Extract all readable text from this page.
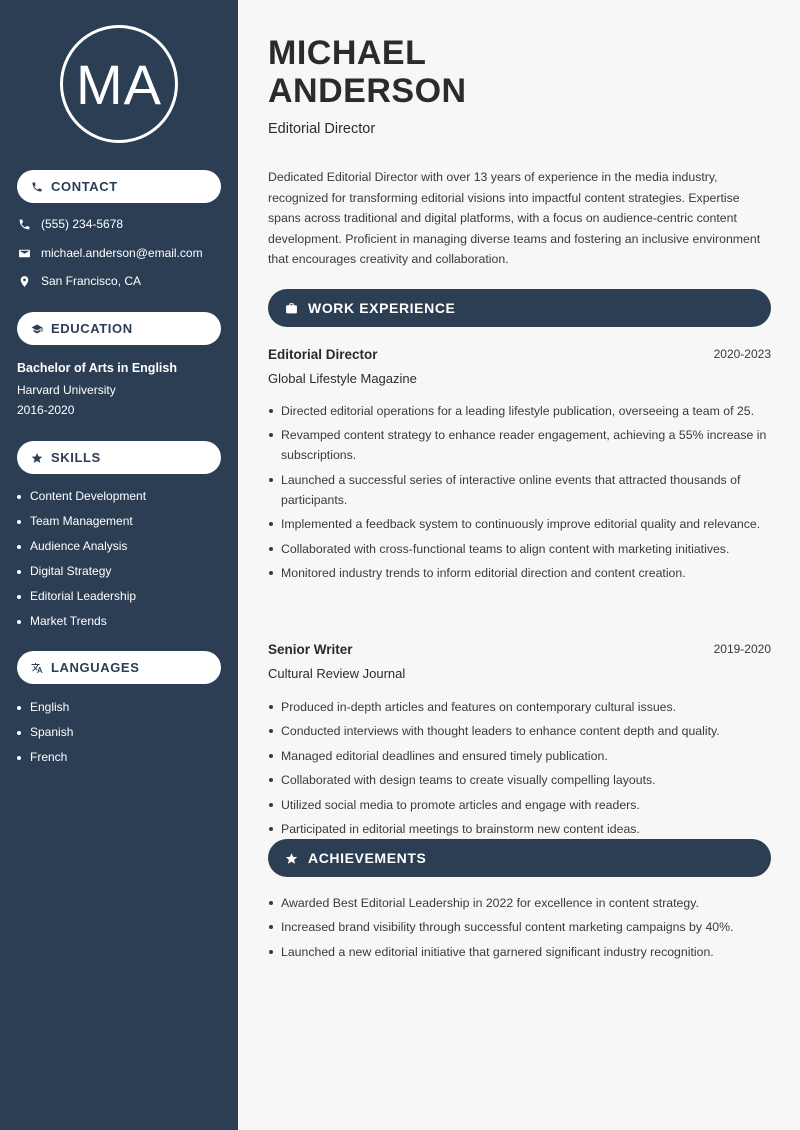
MA
CONTACT
(555) 234-5678
michael.anderson@email.com
San Francisco, CA
EDUCATION
Bachelor of Arts in English
Harvard University
2016-2020
SKILLS
Content Development
Team Management
Audience Analysis
Digital Strategy
Editorial Leadership
Market Trends
LANGUAGES
English
Spanish
French
MICHAEL
ANDERSON
Editorial Director

Dedicated Editorial Director with over 13 years of experience in the media industry, recognized for transforming editorial visions into impactful content strategies. Expertise spans across traditional and digital platforms, with a focus on audience-centric content development. Proficient in managing diverse teams and fostering an inclusive environment that encourages creativity and collaboration.

WORK EXPERIENCE
Editorial Director	2020-2023
Global Lifestyle Magazine
Directed editorial operations for a leading lifestyle publication, overseeing a team of 25.
Revamped content strategy to enhance reader engagement, achieving a 55% increase in subscriptions.
Launched a successful series of interactive online events that attracted thousands of participants.
Implemented a feedback system to continuously improve editorial quality and relevance.
Collaborated with cross-functional teams to align content with marketing initiatives.
Monitored industry trends to inform editorial direction and content creation.
Senior Writer	2019-2020
Cultural Review Journal
Produced in-depth articles and features on contemporary cultural issues.
Conducted interviews with thought leaders to enhance content depth and quality.
Managed editorial deadlines and ensured timely publication.
Collaborated with design teams to create visually compelling layouts.
Utilized social media to promote articles and engage with readers.
Participated in editorial meetings to brainstorm new content ideas.
ACHIEVEMENTS
Awarded Best Editorial Leadership in 2022 for excellence in content strategy.
Increased brand visibility through successful content marketing campaigns by 40%.
Launched a new editorial initiative that garnered significant industry recognition.
